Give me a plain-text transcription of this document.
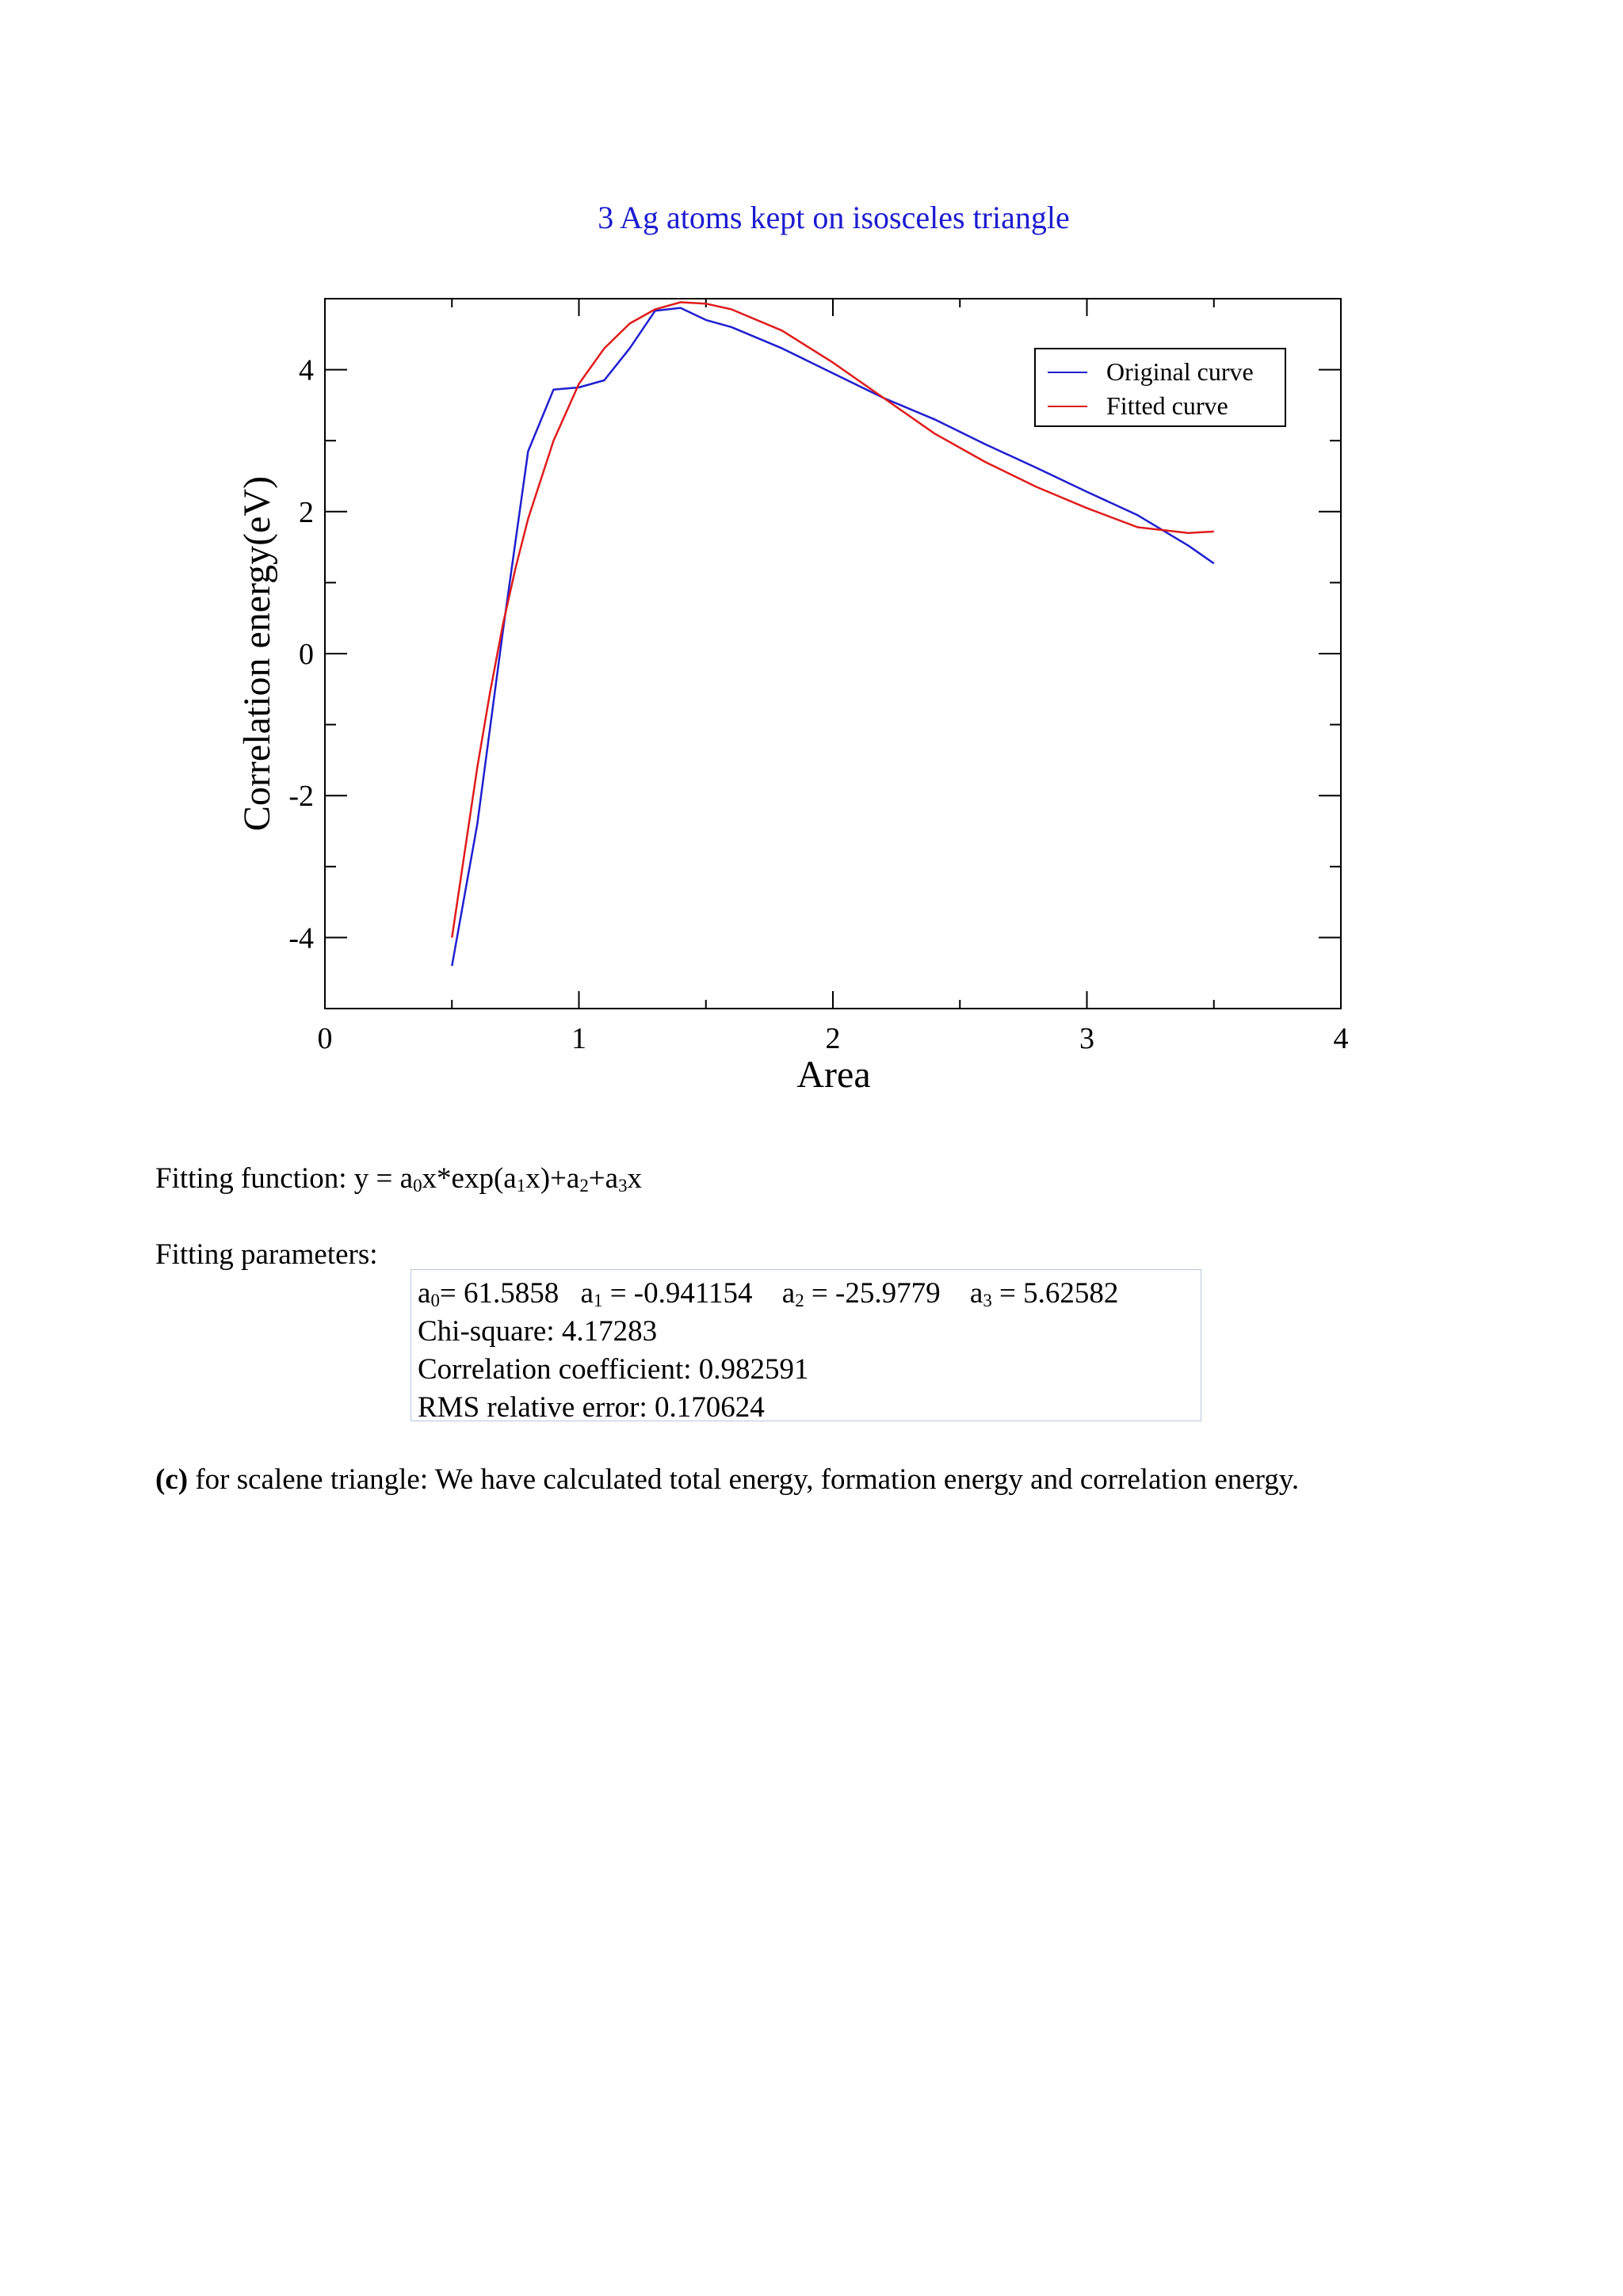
3 Ag atoms kept on isosceles triangle
0	1	2	3	4
-4
-2
0
2
4
Area
Correlation energy(eV)
Original curve
Fitted curve
Fitting function: $y = a_0x*\exp(a_1x)+a_2+a_3x$
Fitting parameters:
$a_0= 61.5858$ $a_1 = -0.941154$ $a_2 = -25.9779$ $a_3 = 5.62582$
Chi-square: 4.17283
Correlation coefficient: 0.982591
RMS relative error: 0.170624
(c) for scalene triangle: We have calculated total energy, formation energy and correlation energy.
